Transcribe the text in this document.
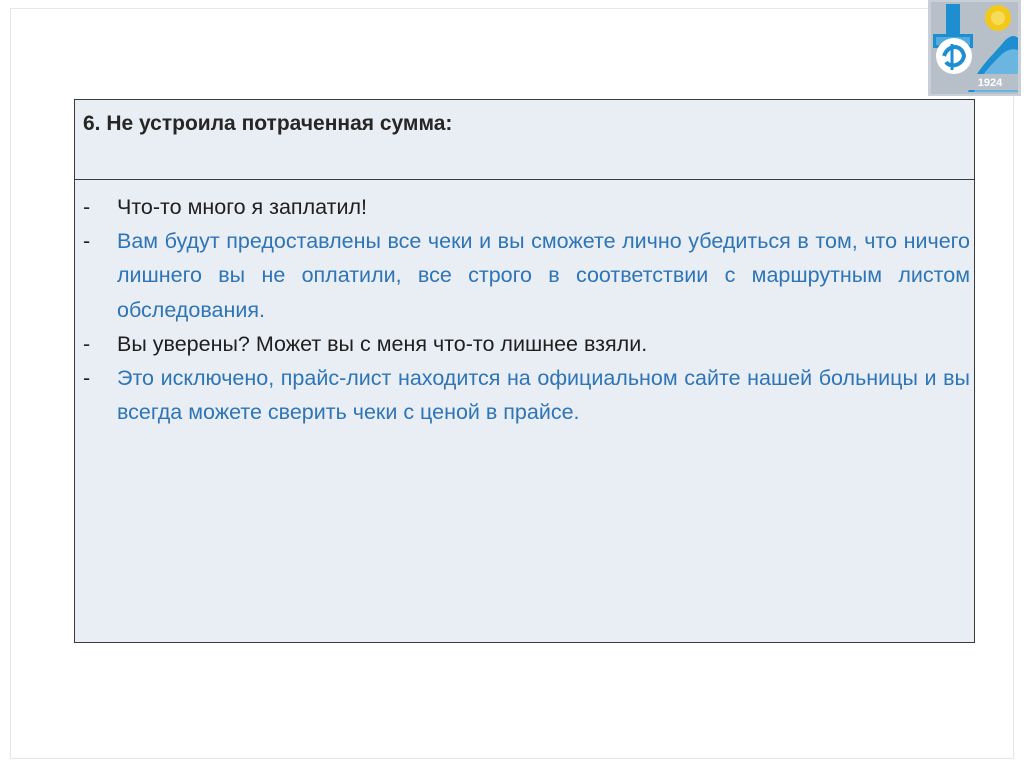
1924
6. Не устроила потраченная сумма:
-	Что-то много я заплатил!
-	Вам будут предоставлены все чеки и вы сможете лично убедиться в том, что ничего лишнего вы не оплатили, все строго в соответствии с маршрутным листом обследования.
-	Вы уверены? Может вы с меня что-то лишнее взяли.
-	Это исключено, прайс-лист находится на официальном сайте нашей больницы и вы всегда можете сверить чеки с ценой в прайсе.
